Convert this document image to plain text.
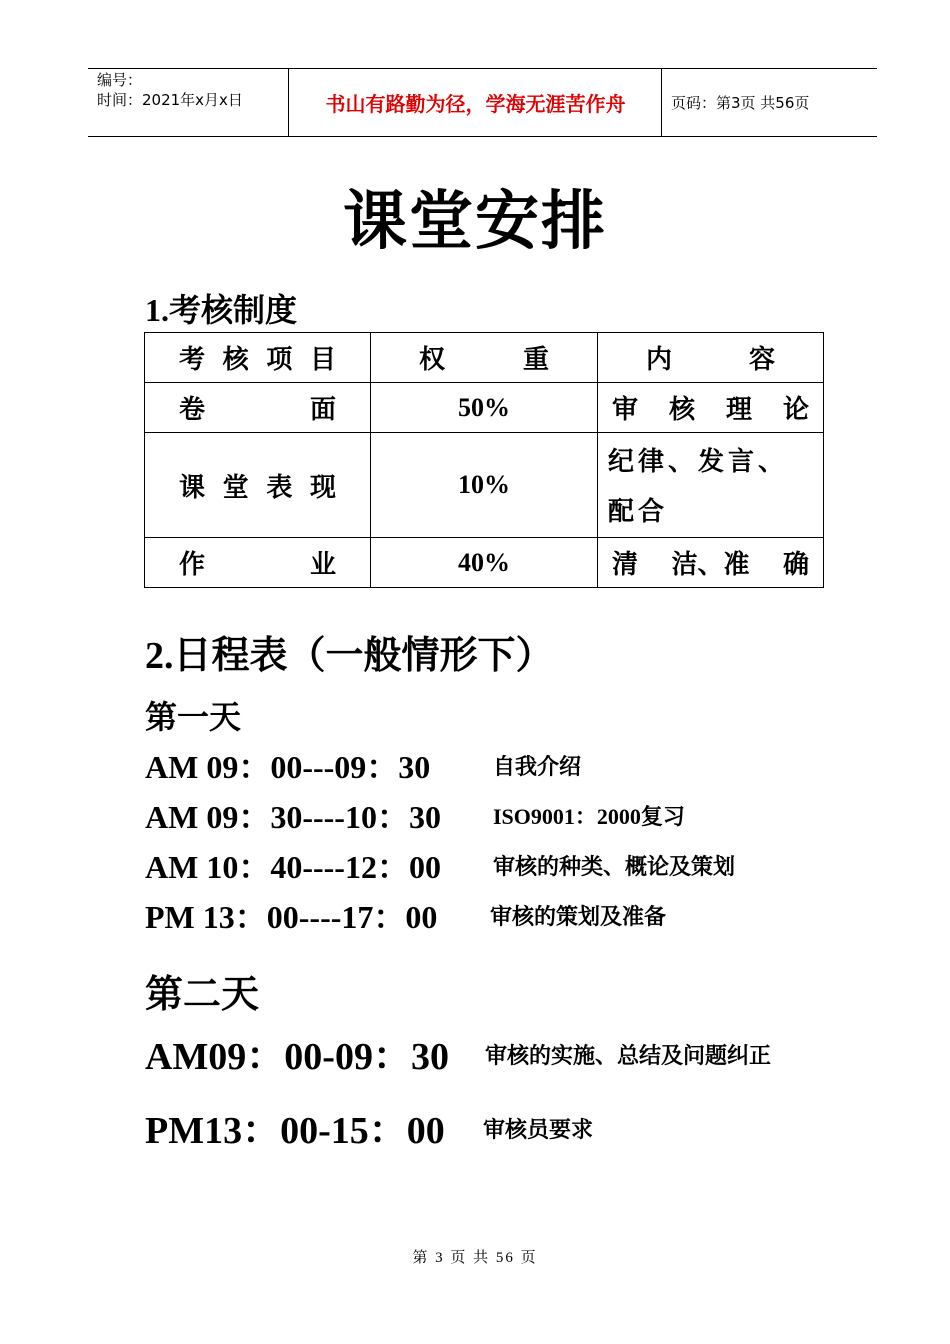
编号：
时间：2021年x月x日	书山有路勤为径，学海无涯苦作舟	页码：第3页 共56页
课堂安排
1.考核制度
考 核 项 目	权 重	内 容

卷 面	50%	审 核 理 论

课 堂 表 现	10%	纪律、发言、配合

作 业	40%	清 洁、准 确
2.日程表（一般情形下）
第一天
AM 09：00---09：30	自我介绍
AM 09：30----10：30 ISO9001：2000复习
AM 10：40----12：00 审核的种类、概论及策划
PM 13：00----17：00 审核的策划及准备
第二天
AM09：00-09：30 审核的实施、总结及问题纠正
PM13：00-15：00 审核员要求
第 3 页 共 56 页
